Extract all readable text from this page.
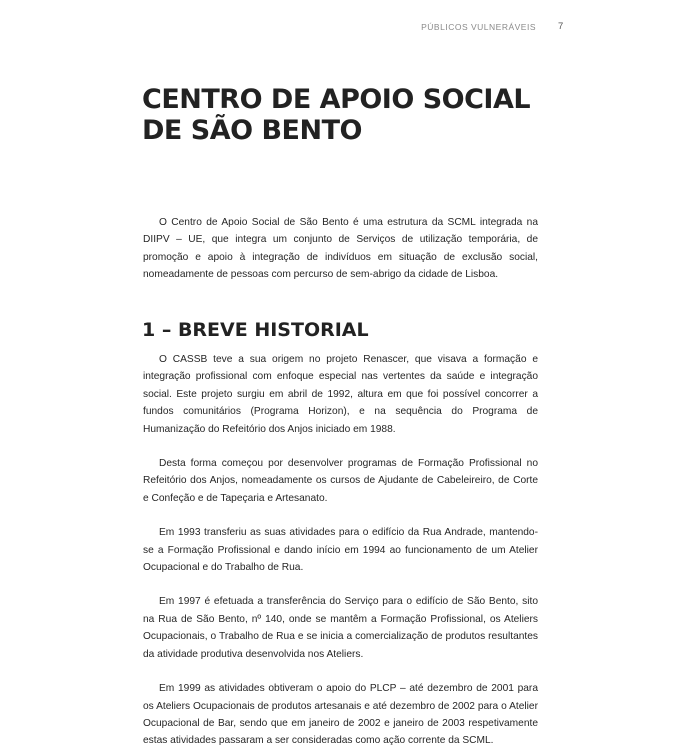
PÚBLICOS VULNERÁVEIS 7
CENTRO DE APOIO SOCIAL
DE SÃO BENTO

O Centro de Apoio Social de São Bento é uma estrutura da SCML integrada na DIIPV – UE, que integra um conjunto de Serviços de utilização temporária, de promoção e apoio à integração de indivíduos em situação de exclusão social, nomeadamente de pessoas com percurso de sem-abrigo da cidade de Lisboa.

1 – BREVE HISTORIAL

O CASSB teve a sua origem no projeto Renascer, que visava a formação e integração profissional com enfoque especial nas vertentes da saúde e integração social. Este projeto surgiu em abril de 1992, altura em que foi possível concorrer a fundos comunitários (Programa Horizon), e na sequência do Programa de Humanização do Refeitório dos Anjos iniciado em 1988.

Desta forma começou por desenvolver programas de Formação Profissional no Refeitório dos Anjos, nomeadamente os cursos de Ajudante de Cabeleireiro, de Corte e Confeção e de Tapeçaria e Artesanato.

Em 1993 transferiu as suas atividades para o edifício da Rua Andrade, mantendo-se a Formação Profissional e dando início em 1994 ao funcionamento de um Atelier Ocupacional e do Trabalho de Rua.

Em 1997 é efetuada a transferência do Serviço para o edifício de São Bento, sito na Rua de São Bento, nº 140, onde se mantêm a Formação Profissional, os Ateliers Ocupacionais, o Trabalho de Rua e se inicia a comercialização de produtos resultantes da atividade produtiva desenvolvida nos Ateliers.

Em 1999 as atividades obtiveram o apoio do PLCP – até dezembro de 2001 para os Ateliers Ocupacionais de produtos artesanais e até dezembro de 2002 para o Atelier Ocupacional de Bar, sendo que em janeiro de 2002 e janeiro de 2003 respetivamente estas atividades passaram a ser consideradas como ação corrente da SCML.
